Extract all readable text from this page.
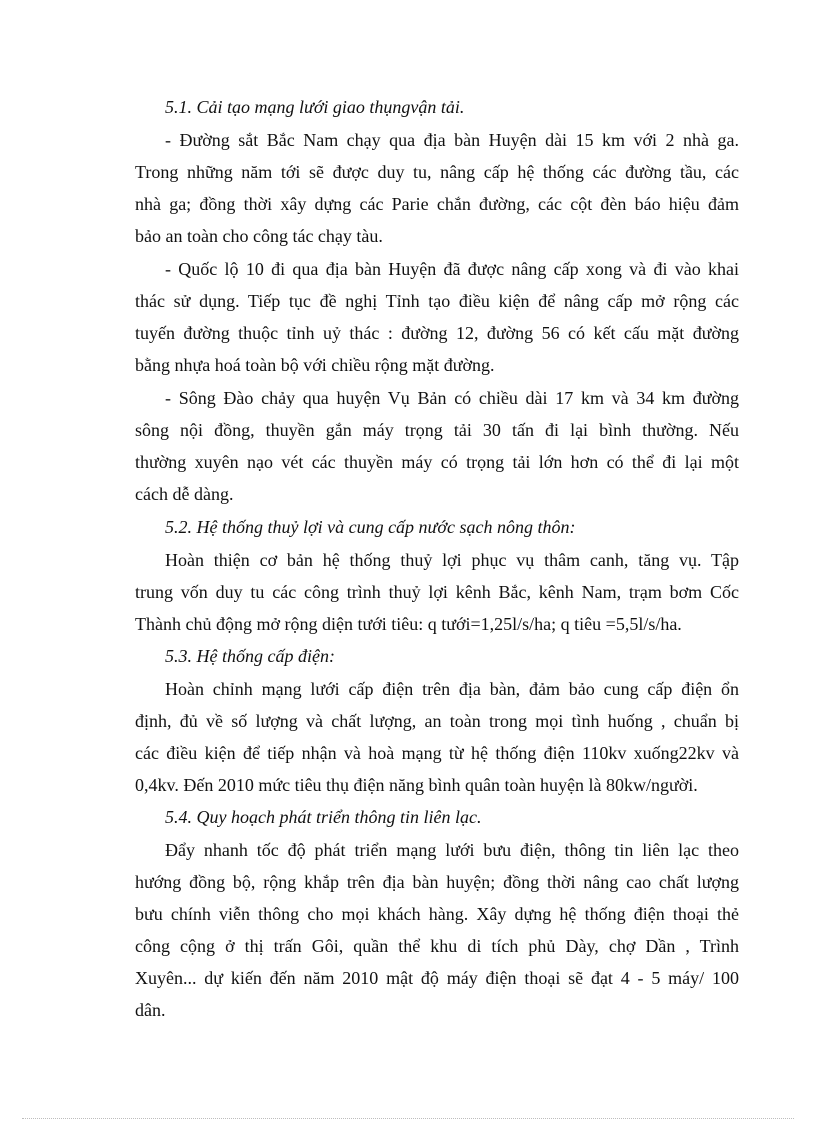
5.1. Cải tạo mạng lưới giao thụngvận tải.
- Đường sắt Bắc Nam chạy qua địa bàn Huyện dài 15 km với 2 nhà ga.
Trong những năm tới sẽ được duy tu, nâng cấp hệ thống các đường tầu, các
nhà ga; đồng thời xây dựng các Parie chắn đường, các cột đèn báo hiệu đảm
bảo an toàn cho công tác chạy tàu.
- Quốc lộ 10 đi qua địa bàn Huyện đã được nâng cấp xong và đi vào khai
thác sử dụng. Tiếp tục đề nghị Tỉnh tạo điều kiện để nâng cấp mở rộng các
tuyến đường thuộc tỉnh uỷ thác : đường 12, đường 56 có kết cấu mặt đường
bằng nhựa hoá toàn bộ với chiều rộng mặt đường.
- Sông Đào chảy qua huyện Vụ Bản có chiều dài 17 km và 34 km đường
sông nội đồng, thuyền gắn máy trọng tải 30 tấn đi lại bình thường. Nếu
thường xuyên nạo vét các thuyền máy có trọng tải lớn hơn có thể đi lại một
cách dễ dàng.
5.2. Hệ thống thuỷ lợi và cung cấp nước sạch nông thôn:
Hoàn thiện cơ bản hệ thống thuỷ lợi phục vụ thâm canh, tăng vụ. Tập
trung vốn duy tu các công trình thuỷ lợi kênh Bắc, kênh Nam, trạm bơm Cốc
Thành chủ động mở rộng diện tưới tiêu: q tưới=1,25l/s/ha; q tiêu =5,5l/s/ha.
5.3. Hệ thống cấp điện:
Hoàn chỉnh mạng lưới cấp điện trên địa bàn, đảm bảo cung cấp điện ổn
định, đủ về số lượng và chất lượng, an toàn trong mọi tình huống , chuẩn bị
các điều kiện để tiếp nhận và hoà mạng từ hệ thống điện 110kv xuống22kv và
0,4kv. Đến 2010 mức tiêu thụ điện năng bình quân toàn huyện là 80kw/người.
5.4. Quy hoạch phát triển thông tin liên lạc.
Đẩy nhanh tốc độ phát triển mạng lưới bưu điện, thông tin liên lạc theo
hướng đồng bộ, rộng khắp trên địa bàn huyện; đồng thời nâng cao chất lượng
bưu chính viễn thông cho mọi khách hàng. Xây dựng hệ thống điện thoại thẻ
công cộng ở thị trấn Gôi, quần thể khu di tích phủ Dày, chợ Dần , Trình
Xuyên... dự kiến đến năm 2010 mật độ máy điện thoại sẽ đạt 4 - 5 máy/ 100
dân.
